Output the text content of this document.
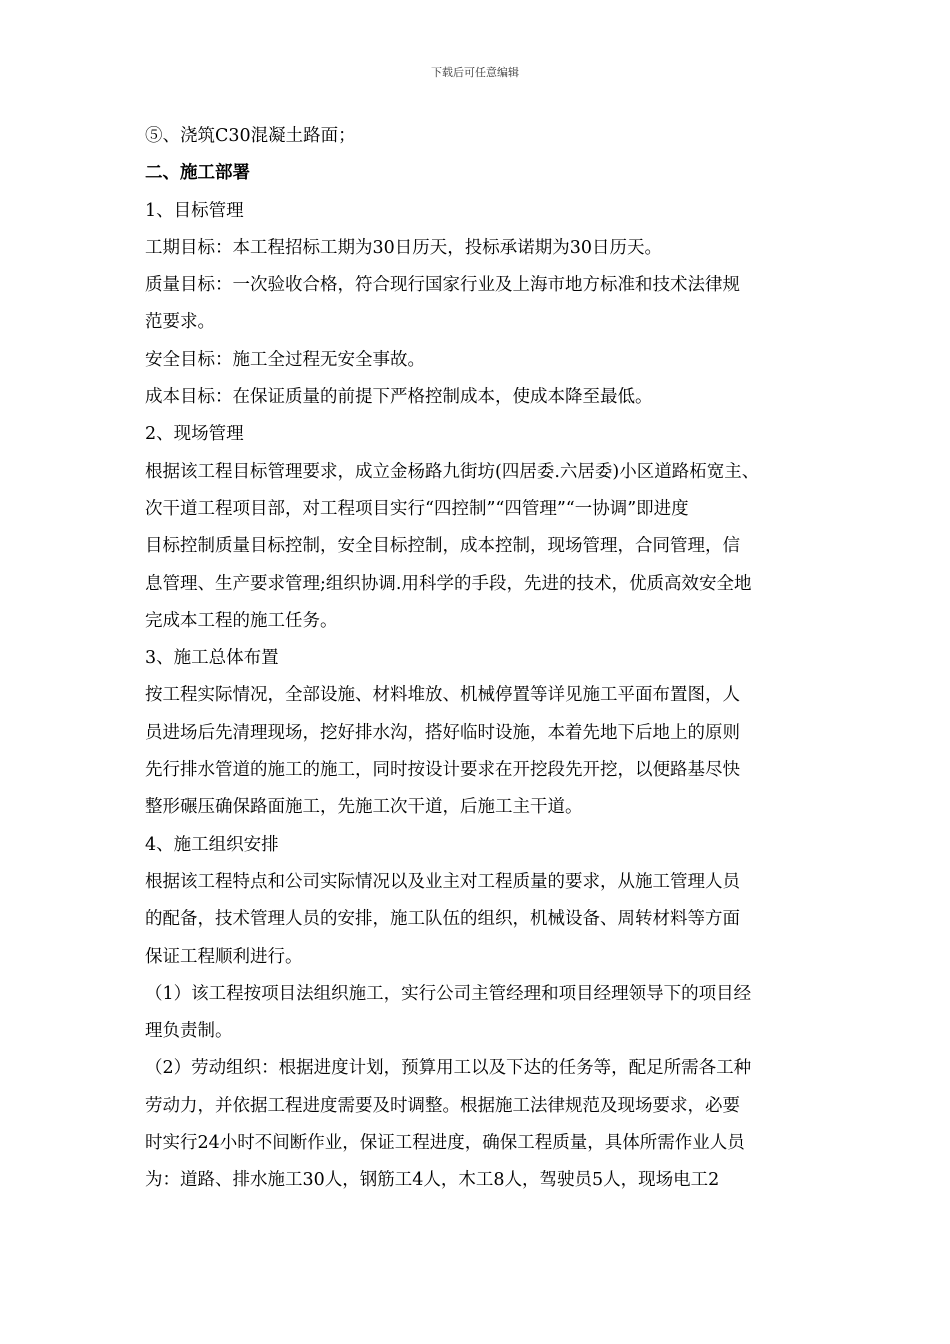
下载后可任意编辑

⑤、浇筑C30混凝土路面；

二、施工部署

1、目标管理

工期目标：本工程招标工期为30日历天，投标承诺期为30日历天。

质量目标：一次验收合格，符合现行国家行业及上海市地方标准和技术法律规

范要求。

安全目标：施工全过程无安全事故。

成本目标：在保证质量的前提下严格控制成本，使成本降至最低。

2、现场管理

根据该工程目标管理要求，成立金杨路九街坊(四居委.六居委)小区道路柘宽主、

次干道工程项目部，对工程项目实行“四控制”“四管理”“一协调”即进度

目标控制质量目标控制，安全目标控制，成本控制，现场管理，合同管理，信

息管理、生产要求管理;组织协调.用科学的手段，先进的技术，优质高效安全地

完成本工程的施工任务。

3、施工总体布置

按工程实际情况，全部设施、材料堆放、机械停置等详见施工平面布置图，人

员进场后先清理现场，挖好排水沟，搭好临时设施，本着先地下后地上的原则

先行排水管道的施工的施工，同时按设计要求在开挖段先开挖，以便路基尽快

整形碾压确保路面施工，先施工次干道，后施工主干道。

4、施工组织安排

根据该工程特点和公司实际情况以及业主对工程质量的要求，从施工管理人员

的配备，技术管理人员的安排，施工队伍的组织，机械设备、周转材料等方面

保证工程顺利进行。

（1）该工程按项目法组织施工，实行公司主管经理和项目经理领导下的项目经

理负责制。

（2）劳动组织：根据进度计划，预算用工以及下达的任务等，配足所需各工种

劳动力，并依据工程进度需要及时调整。根据施工法律规范及现场要求，必要

时实行24小时不间断作业，保证工程进度，确保工程质量，具体所需作业人员

为：道路、排水施工30人，钢筋工4人，木工8人，驾驶员5人，现场电工2
